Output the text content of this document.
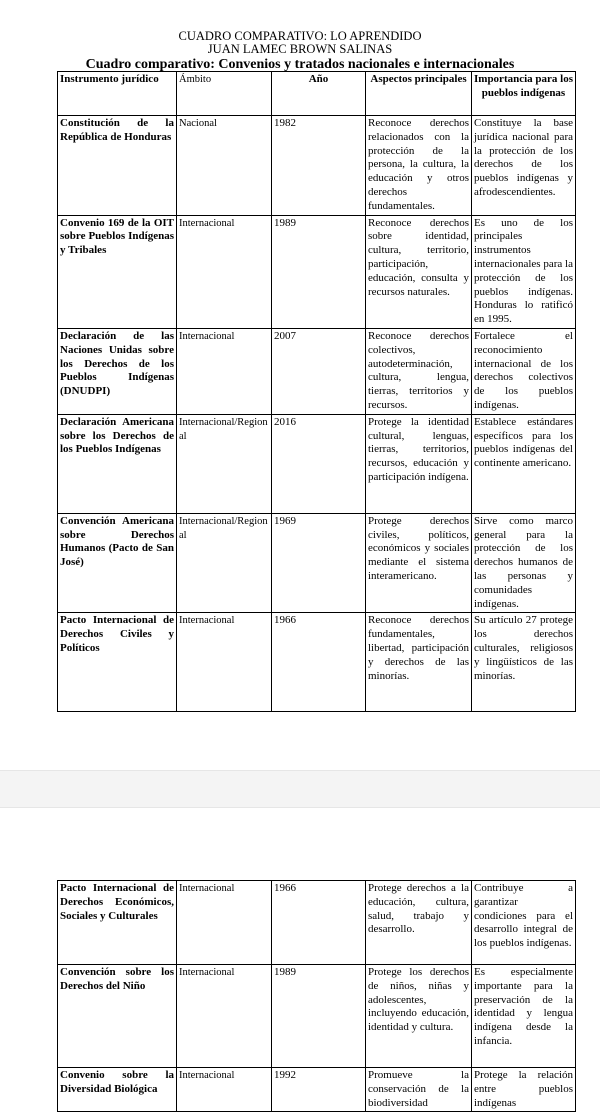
CUADRO COMPARATIVO: LO APRENDIDO
JUAN LAMEC BROWN SALINAS
Cuadro comparativo: Convenios y tratados nacionales e internacionales
Instrumento jurídico	Ámbito	Año	Aspectos principales	Importancia para los pueblos indígenas
Constitución de la República de Honduras	Nacional	1982	Reconoce derechos relacionados con la protección de la persona, la cultura, la educación y otros derechos fundamentales.	Constituye la base jurídica nacional para la protección de los derechos de los pueblos indígenas y afrodescendientes.
Convenio 169 de la OIT sobre Pueblos Indígenas y Tribales	Internacional	1989	Reconoce derechos sobre identidad, cultura, territorio, participación, educación, consulta y recursos naturales.	Es uno de los principales instrumentos internacionales para la protección de los pueblos indígenas. Honduras lo ratificó en 1995.
Declaración de las Naciones Unidas sobre los Derechos de los Pueblos Indígenas (DNUDPI)	Internacional	2007	Reconoce derechos colectivos, autodeterminación, cultura, lengua, tierras, territorios y recursos.	Fortalece el reconocimiento internacional de los derechos colectivos de los pueblos indígenas.
Declaración Americana sobre los Derechos de los Pueblos Indígenas	Internacional/Regional	2016	Protege la identidad cultural, lenguas, tierras, territorios, recursos, educación y participación indígena.	Establece estándares específicos para los pueblos indígenas del continente americano.
Convención Americana sobre Derechos Humanos (Pacto de San José)	Internacional/Regional	1969	Protege derechos civiles, políticos, económicos y sociales mediante el sistema interamericano.	Sirve como marco general para la protección de los derechos humanos de las personas y comunidades indígenas.
Pacto Internacional de Derechos Civiles y Políticos	Internacional	1966	Reconoce derechos fundamentales, libertad, participación y derechos de las minorías.	Su artículo 27 protege los derechos culturales, religiosos y lingüísticos de las minorías.
Pacto Internacional de Derechos Económicos, Sociales y Culturales	Internacional	1966	Protege derechos a la educación, cultura, salud, trabajo y desarrollo.	Contribuye a garantizar condiciones para el desarrollo integral de los pueblos indígenas.
Convención sobre los Derechos del Niño	Internacional	1989	Protege los derechos de niños, niñas y adolescentes, incluyendo educación, identidad y cultura.	Es especialmente importante para la preservación de la identidad y lengua indígena desde la infancia.
Convenio sobre la Diversidad Biológica	Internacional	1992	Promueve la conservación de la biodiversidad	Protege la relación entre pueblos indígenas
